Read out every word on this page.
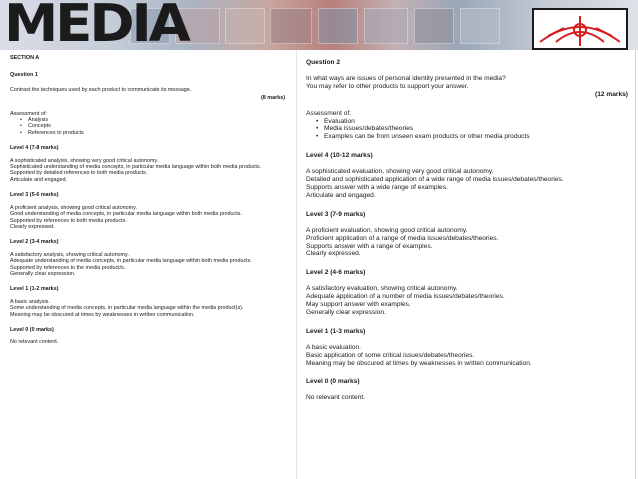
MEDIA
SECTION A
Question 1

Contrast the techniques used by each product to communicate its message.

(8 marks)

Assessment of:

• Analysis
• Concepts
• References to products
Level 4 (7-8 marks)

A sophisticated analysis, showing very good critical autonomy.

Sophisticated understanding of media concepts, in particular media language within both media products.

Supported by detailed references to both media products.

Articulate and engaged.

Level 3 (5-6 marks)

A proficient analysis, showing good critical autonomy.

Good understanding of media concepts, in particular media language within both media products.

Supported by references to both media products.

Clearly expressed.

Level 2 (3-4 marks)

A satisfactory analysis, showing critical autonomy.

Adequate understanding of media concepts, in particular media language within both media products.

Supported by references to the media product/s.

Generally clear expression.

Level 1 (1-2 marks)

A basic analysis.

Some understanding of media concepts, in particular media language within the media product(s).

Meaning may be obscured at times by weaknesses in written communication.

Level 0 (0 marks)

No relevant content.

Question 2

In what ways are issues of personal identity presented in the media?

You may refer to other products to support your answer.

(12 marks)

Assessment of:

• Evaluation
• Media issues/debates/theories
• Examples can be from unseen exam products or other media products
Level 4 (10-12 marks)

A sophisticated evaluation, showing very good critical autonomy.

Detailed and sophisticated application of a wide range of media issues/debates/theories.

Supports answer with a wide range of examples.

Articulate and engaged.

Level 3 (7-9 marks)

A proficient evaluation, showing good critical autonomy.

Proficient application of a range of media issues/debates/theories.

Supports answer with a range of examples.

Clearly expressed.

Level 2 (4-6 marks)

A satisfactory evaluation, showing critical autonomy.

Adequate application of a number of media issues/debates/theories.

May support answer with examples.

Generally clear expression.

Level 1 (1-3 marks)

A basic evaluation.

Basic application of some critical issues/debates/theories.

Meaning may be obscured at times by weaknesses in written communication.

Level 0 (0 marks)

No relevant content.
